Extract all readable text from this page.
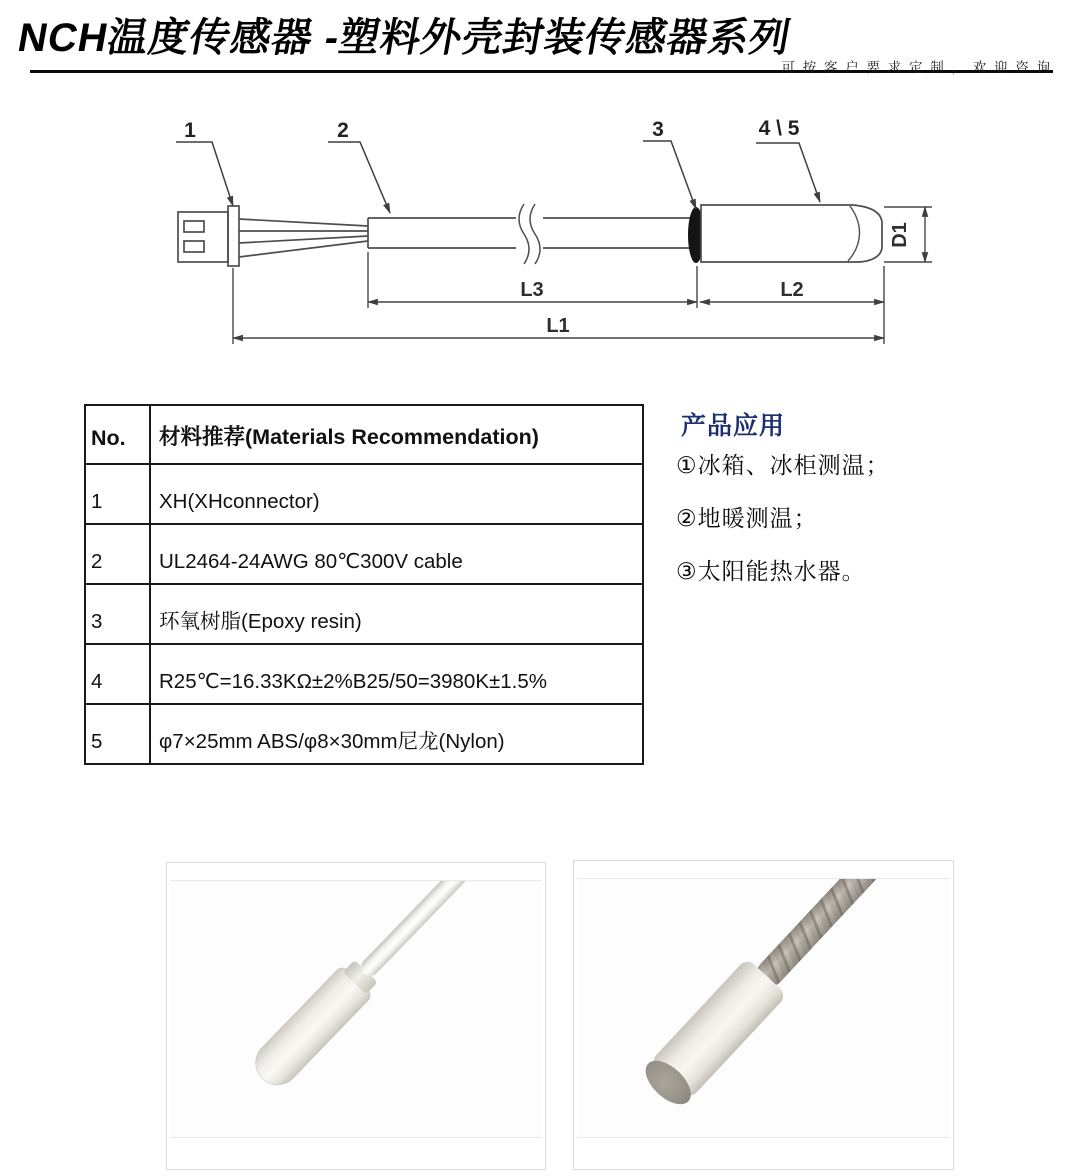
NCH温度传感器 -塑料外壳封装传感器系列
可 按 客 户 要 求 定 制 ， 欢 迎 咨 询
1	2	3	4 \ 5
L3	L2
L1
D1
No.	材料推荐(Materials Recommendation)
1	XH(XHconnector)
2	UL2464-24AWG 80℃300V cable
3	环氧树脂(Epoxy resin)
4	R25℃=16.33KΩ±2%B25/50=3980K±1.5%
5	φ7×25mm ABS/φ8×30mm尼龙(Nylon)
产品应用
①冰箱、冰柜测温；
②地暖测温；
③太阳能热水器。
